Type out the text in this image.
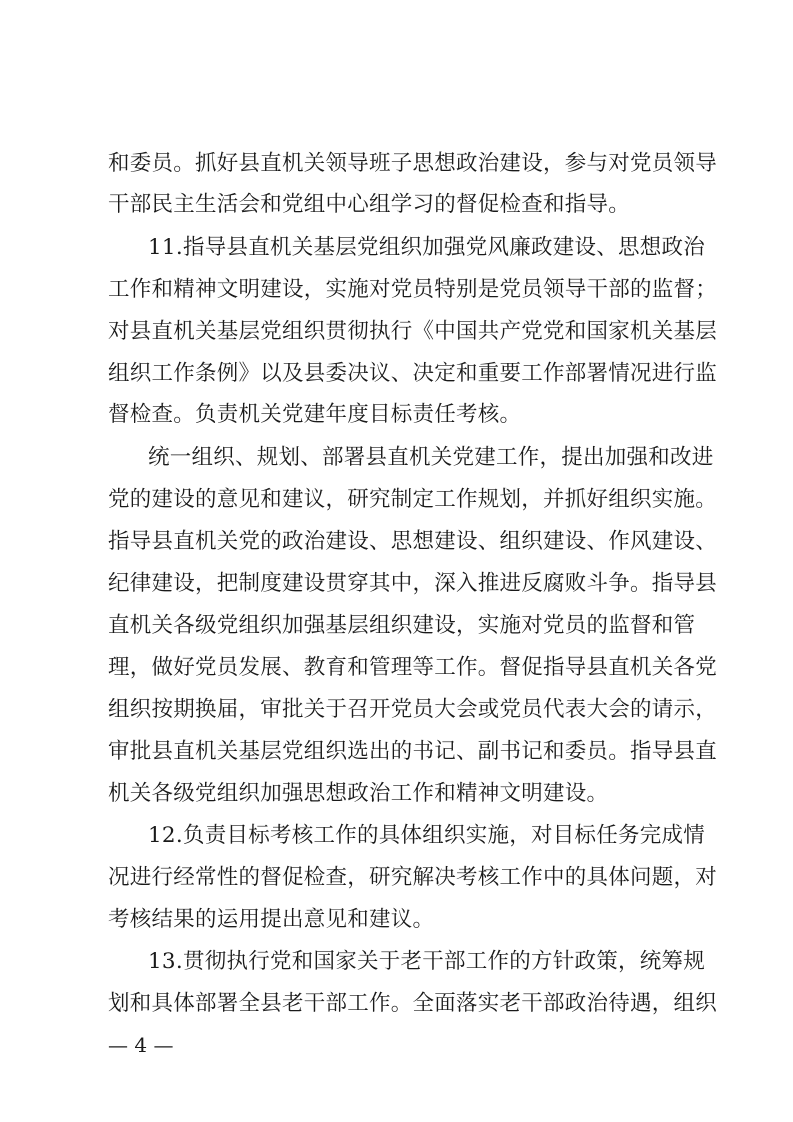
和委员。抓好县直机关领导班子思想政治建设，参与对党员领导
干部民主生活会和党组中心组学习的督促检查和指导。
11.指导县直机关基层党组织加强党风廉政建设、思想政治
工作和精神文明建设，实施对党员特别是党员领导干部的监督；
对县直机关基层党组织贯彻执行《中国共产党党和国家机关基层
组织工作条例》以及县委决议、决定和重要工作部署情况进行监
督检查。负责机关党建年度目标责任考核。
统一组织、规划、部署县直机关党建工作，提出加强和改进
党的建设的意见和建议，研究制定工作规划，并抓好组织实施。
指导县直机关党的政治建设、思想建设、组织建设、作风建设、
纪律建设，把制度建设贯穿其中，深入推进反腐败斗争。指导县
直机关各级党组织加强基层组织建设，实施对党员的监督和管
理，做好党员发展、教育和管理等工作。督促指导县直机关各党
组织按期换届，审批关于召开党员大会或党员代表大会的请示，
审批县直机关基层党组织选出的书记、副书记和委员。指导县直
机关各级党组织加强思想政治工作和精神文明建设。
12.负责目标考核工作的具体组织实施，对目标任务完成情
况进行经常性的督促检查，研究解决考核工作中的具体问题，对
考核结果的运用提出意见和建议。
13.贯彻执行党和国家关于老干部工作的方针政策，统筹规
划和具体部署全县老干部工作。全面落实老干部政治待遇，组织
— 4 —
